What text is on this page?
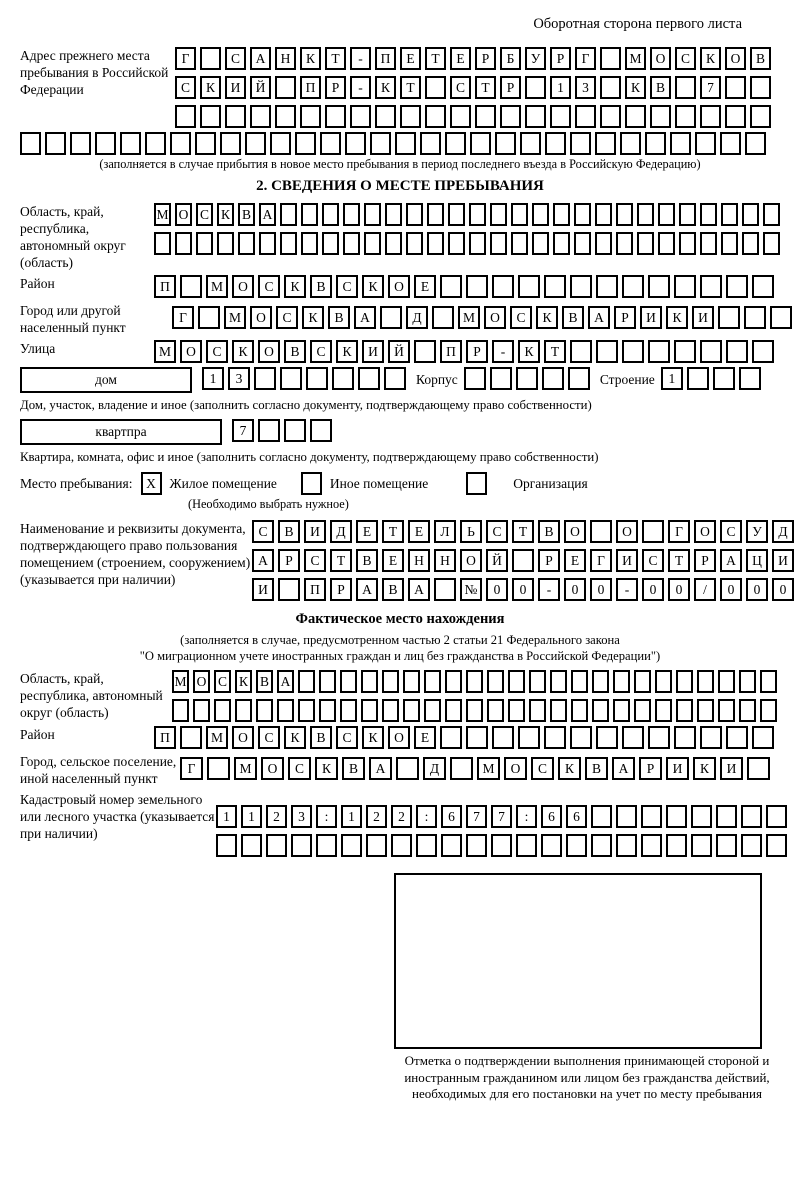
Оборотная сторона первого листа
Адрес прежнего места пребывания в Российской Федерации
Г	С	А	Н	К	Т	-	П	Е	Т	Е	Р	Б	У	Р	Г	М	О	С	К	О	В
С	К	И	Й	П	Р	-	К	Т	С	Т	Р	1	3	К	В	7
(заполняется в случае прибытия в новое место пребывания в период последнего въезда в Российскую Федерацию)
2. СВЕДЕНИЯ О МЕСТЕ ПРЕБЫВАНИЯ
Область, край, республика, автономный округ (область)
М О С К В А
Район	П	М	О	С	К	В	С	К	О	Е
Город или другой населенный пункт
Г	М	О	С	К	В	А	Д	М	О	С	К	В	А	Р	И	К	И
Улица	М	О	С	К	О	В	С	К	И	Й	П	Р	-	К	Т
дом	1	3	Корпус	Строение	1
Дом, участок, владение и иное (заполнить согласно документу, подтверждающему право собственности)
квартпра	7
Квартира, комната, офис и иное (заполнить согласно документу, подтверждающему право собственности)
Место пребывания:	X	Жилое помещение	Иное помещение	Организация
(Необходимо выбрать нужное)
Наименование и реквизиты документа, подтверждающего право пользования помещением (строением, сооружением) (указывается при наличии)
С	В	И	Д	Е	Т	Е	Л	Ь	С	Т	В	О	О	Г	О	С	У	Д
А	Р	С	Т	В	Е	Н	Н	О	Й	Р	Е	Г	И	С	Т	Р	А	Ц	И
И	П	Р	А	В	А	№	0	0	-	0	0	-	0	0	/	0	0	0
Фактическое место нахождения
(заполняется в случае, предусмотренном частью 2 статьи 21 Федерального закона
"О миграционном учете иностранных граждан и лиц без гражданства в Российской Федерации")
Область, край, республика, автономный округ (область)
М О С К В А
Район	П	М	О	С	К	В	С	К	О	Е
Город, сельское поселение, иной населенный пункт
Г	М	О	С	К	В	А	Д	М	О	С	К	В	А	Р	И	К	И
Кадастровый номер земельного или лесного участка (указывается при наличии)
1	1	2	3	:	1	2	2	:	6	7	7	:	6	6
Отметка о подтверждении выполнения принимающей стороной и иностранным гражданином или лицом без гражданства действий, необходимых для его постановки на учет по месту пребывания
